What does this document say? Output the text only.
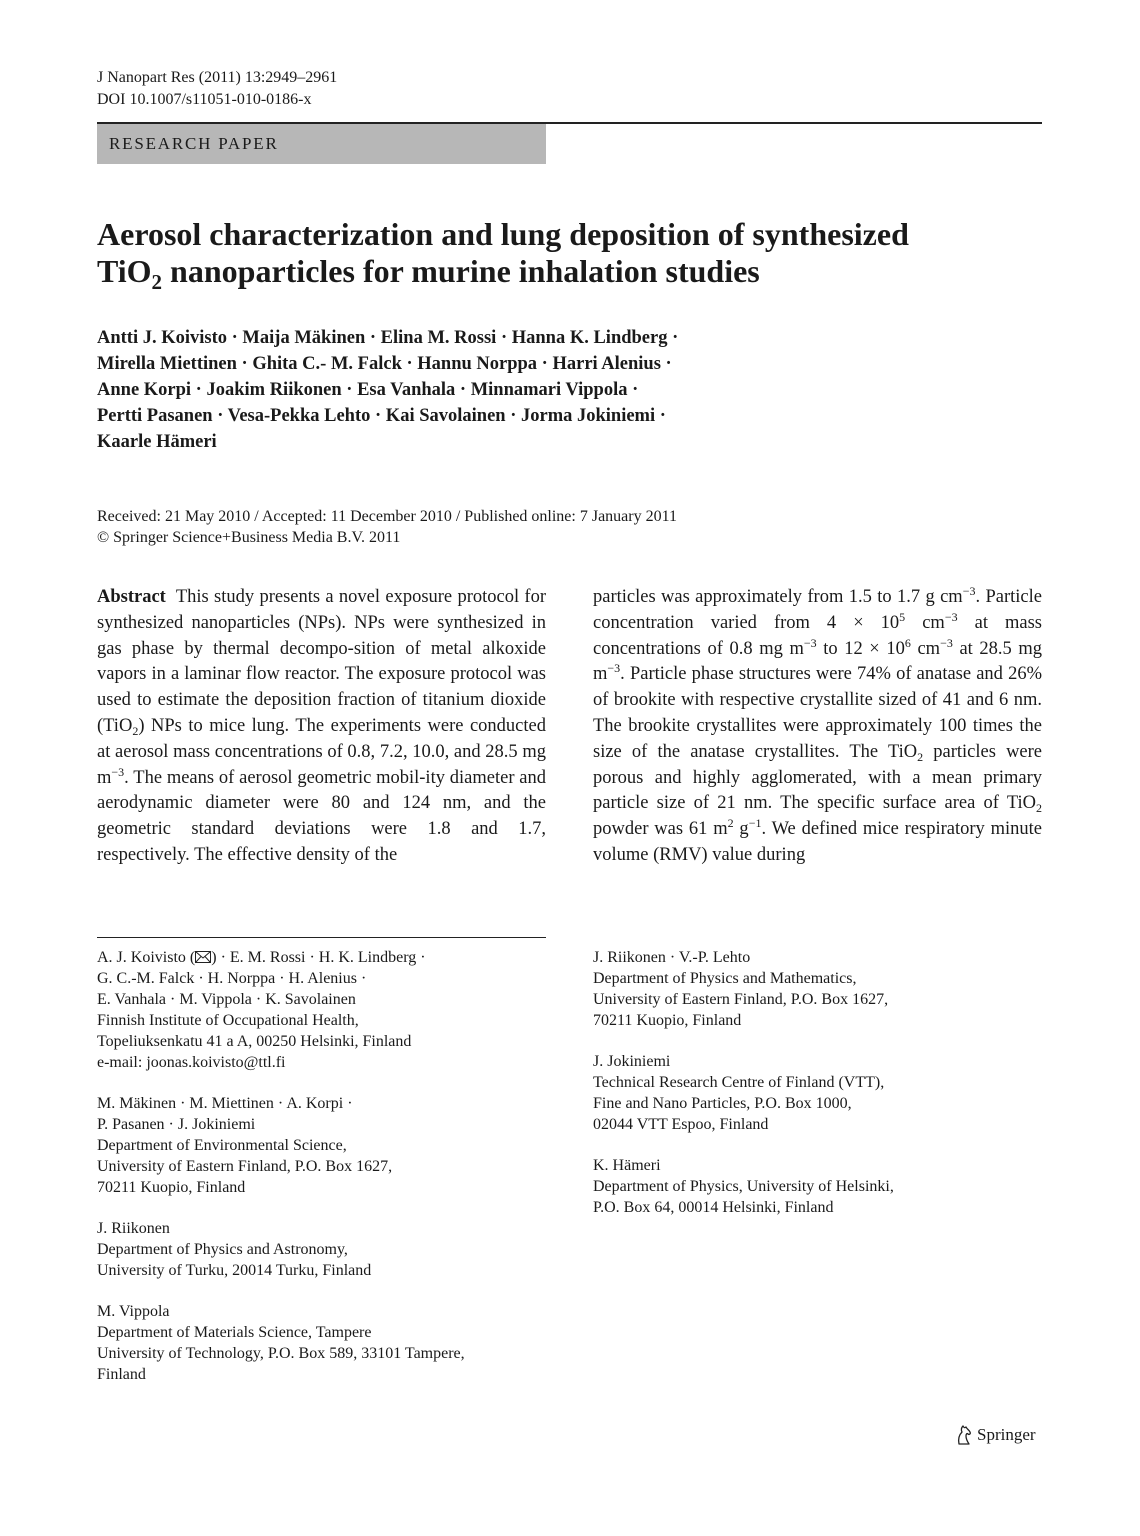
J Nanopart Res (2011) 13:2949–2961
DOI 10.1007/s11051-010-0186-x
RESEARCH PAPER
Aerosol characterization and lung deposition of synthesized
TiO$_2$ nanoparticles for murine inhalation studies
Antti J. Koivisto · Maija Mäkinen · Elina M. Rossi · Hanna K. Lindberg ·
Mirella Miettinen · Ghita C.- M. Falck · Hannu Norppa · Harri Alenius ·
Anne Korpi · Joakim Riikonen · Esa Vanhala · Minnamari Vippola ·
Pertti Pasanen · Vesa-Pekka Lehto · Kai Savolainen · Jorma Jokiniemi ·
Kaarle Hämeri
Received: 21 May 2010 / Accepted: 11 December 2010 / Published online: 7 January 2011
© Springer Science+Business Media B.V. 2011
Abstract This study presents a novel exposure protocol for synthesized nanoparticles (NPs). NPs were synthesized in gas phase by thermal decompo-sition of metal alkoxide vapors in a laminar flow reactor. The exposure protocol was used to estimate the deposition fraction of titanium dioxide (TiO$_2$) NPs to mice lung. The experiments were conducted at aerosol mass concentrations of 0.8, 7.2, 10.0, and 28.5 mg $m^{-3}$. The means of aerosol geometric mobil-ity diameter and aerodynamic diameter were 80 and 124 nm, and the geometric standard deviations were 1.8 and 1.7, respectively. The effective density of the
particles was approximately from 1.5 to 1.7 g $cm^{-3}$. Particle concentration varied from $4 \times 10^5$ $cm^{-3}$ at mass concentrations of 0.8 mg $m^{-3}$ to $12 \times 10^6$ $cm^{-3}$ at 28.5 mg $m^{-3}$. Particle phase structures were 74% of anatase and 26% of brookite with respective crystallite sized of 41 and 6 nm. The brookite crystallites were approximately 100 times the size of the anatase crystallites. The TiO$_2$ particles were porous and highly agglomerated, with a mean primary particle size of 21 nm. The specific surface area of TiO$_2$ powder was 61 $m^2$ $g^{-1}$. We defined mice respiratory minute volume (RMV) value during

A. J. Koivisto ( ) · E. M. Rossi · H. K. Lindberg ·
G. C.-M. Falck · H. Norppa · H. Alenius ·
E. Vanhala · M. Vippola · K. Savolainen
Finnish Institute of Occupational Health,
Topeliuksenkatu 41 a A, 00250 Helsinki, Finland
e-mail: joonas.koivisto@ttl.fi

M. Mäkinen · M. Miettinen · A. Korpi ·
P. Pasanen · J. Jokiniemi
Department of Environmental Science,
University of Eastern Finland, P.O. Box 1627,
70211 Kuopio, Finland

J. Riikonen
Department of Physics and Astronomy,
University of Turku, 20014 Turku, Finland

M. Vippola
Department of Materials Science, Tampere
University of Technology, P.O. Box 589, 33101 Tampere,
Finland

J. Riikonen · V.-P. Lehto
Department of Physics and Mathematics,
University of Eastern Finland, P.O. Box 1627,
70211 Kuopio, Finland

J. Jokiniemi
Technical Research Centre of Finland (VTT),
Fine and Nano Particles, P.O. Box 1000,
02044 VTT Espoo, Finland

K. Hämeri
Department of Physics, University of Helsinki,
P.O. Box 64, 00014 Helsinki, Finland

Springer
